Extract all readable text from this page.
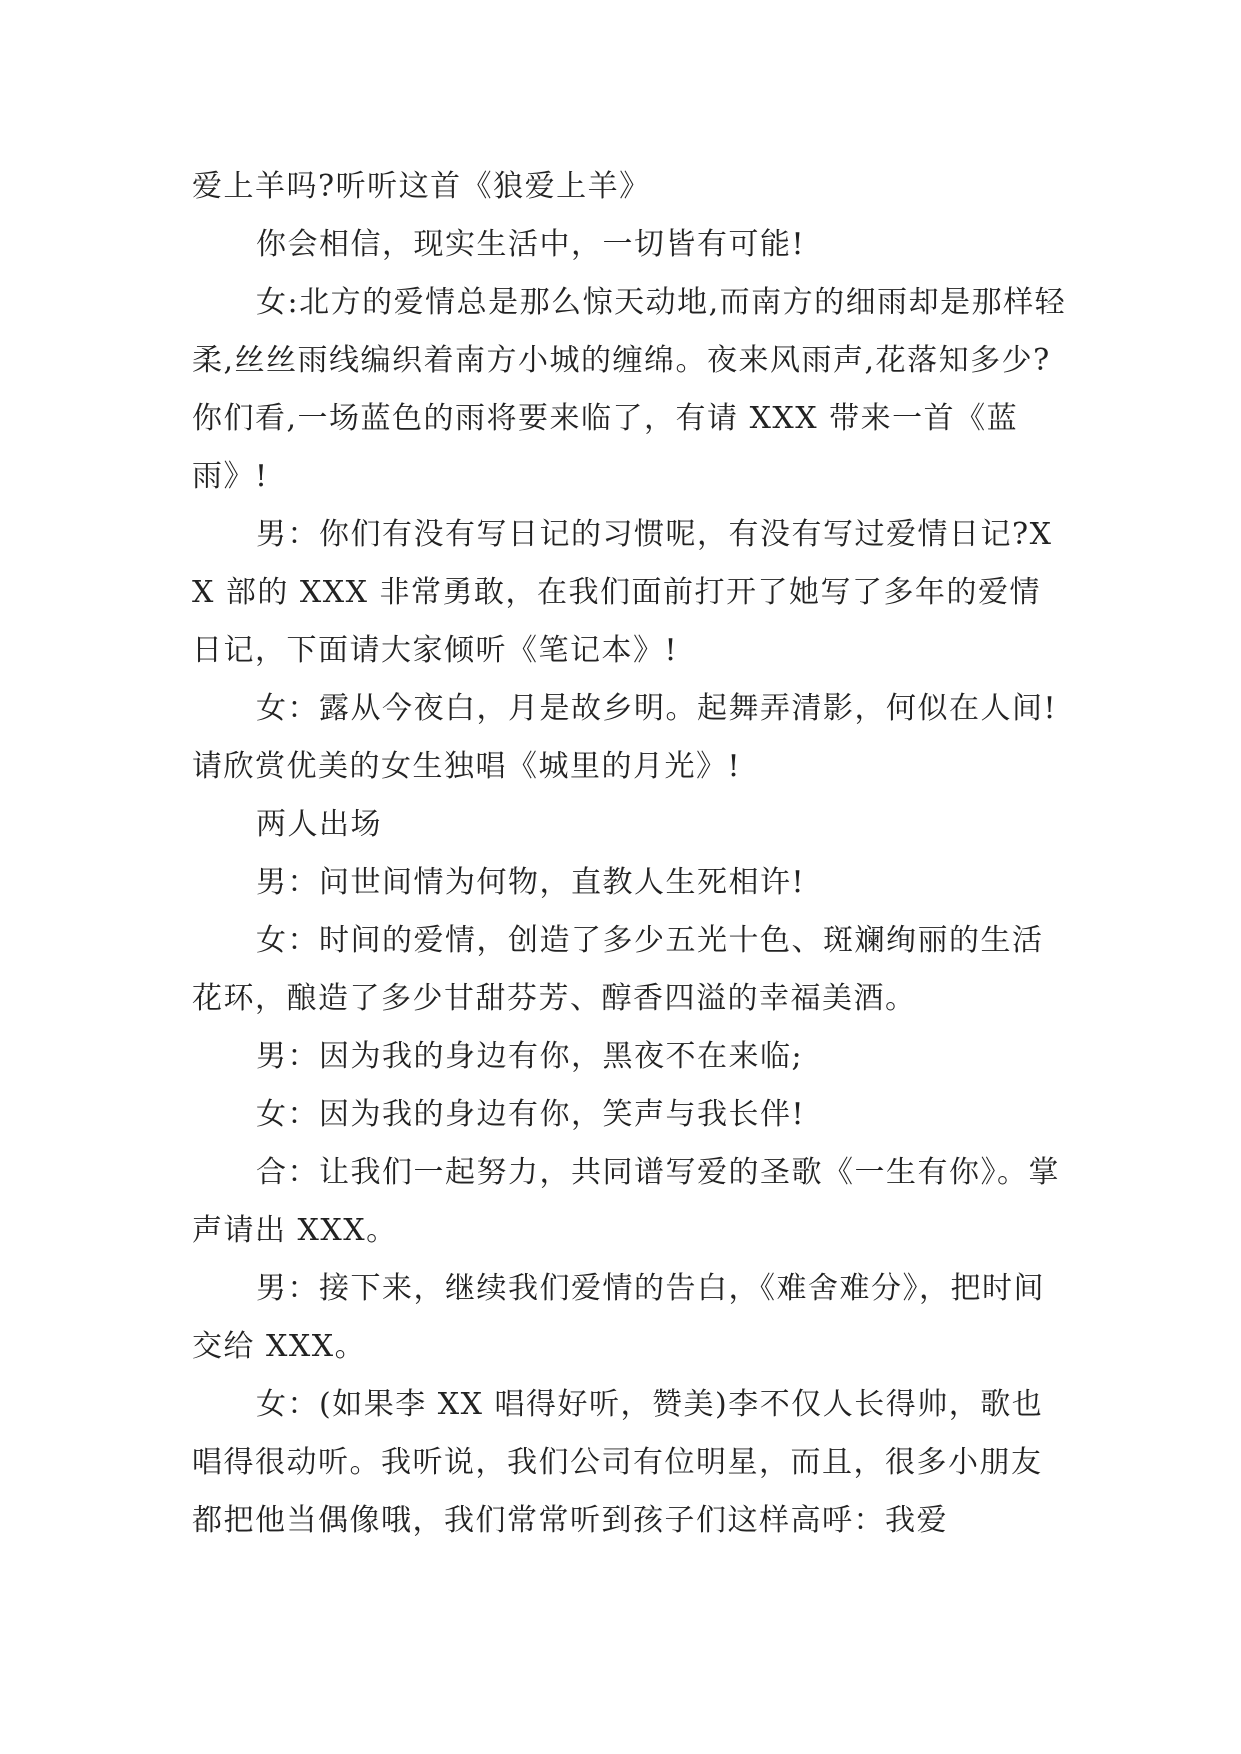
爱上羊吗?听听这首《狼爱上羊》

你会相信，现实生活中，一切皆有可能!

女:北方的爱情总是那么惊天动地,而南方的细雨却是那样轻柔,丝丝雨线编织着南方小城的缠绵。夜来风雨声,花落知多少?你们看,一场蓝色的雨将要来临了，有请 XXX 带来一首《蓝雨》!

男：你们有没有写日记的习惯呢，有没有写过爱情日记?XX 部的 XXX 非常勇敢，在我们面前打开了她写了多年的爱情日记，下面请大家倾听《笔记本》!

女：露从今夜白，月是故乡明。起舞弄清影，何似在人间!请欣赏优美的女生独唱《城里的月光》!

两人出场

男：问世间情为何物，直教人生死相许!

女：时间的爱情，创造了多少五光十色、斑斓绚丽的生活花环，酿造了多少甘甜芬芳、醇香四溢的幸福美酒。

男：因为我的身边有你，黑夜不在来临;

女：因为我的身边有你，笑声与我长伴!

合：让我们一起努力，共同谱写爱的圣歌《一生有你》。掌声请出 XXX。

男：接下来，继续我们爱情的告白，《难舍难分》，把时间交给 XXX。

女：(如果李 XX 唱得好听，赞美)李不仅人长得帅，歌也唱得很动听。我听说，我们公司有位明星，而且，很多小朋友都把他当偶像哦，我们常常听到孩子们这样高呼：我爱
